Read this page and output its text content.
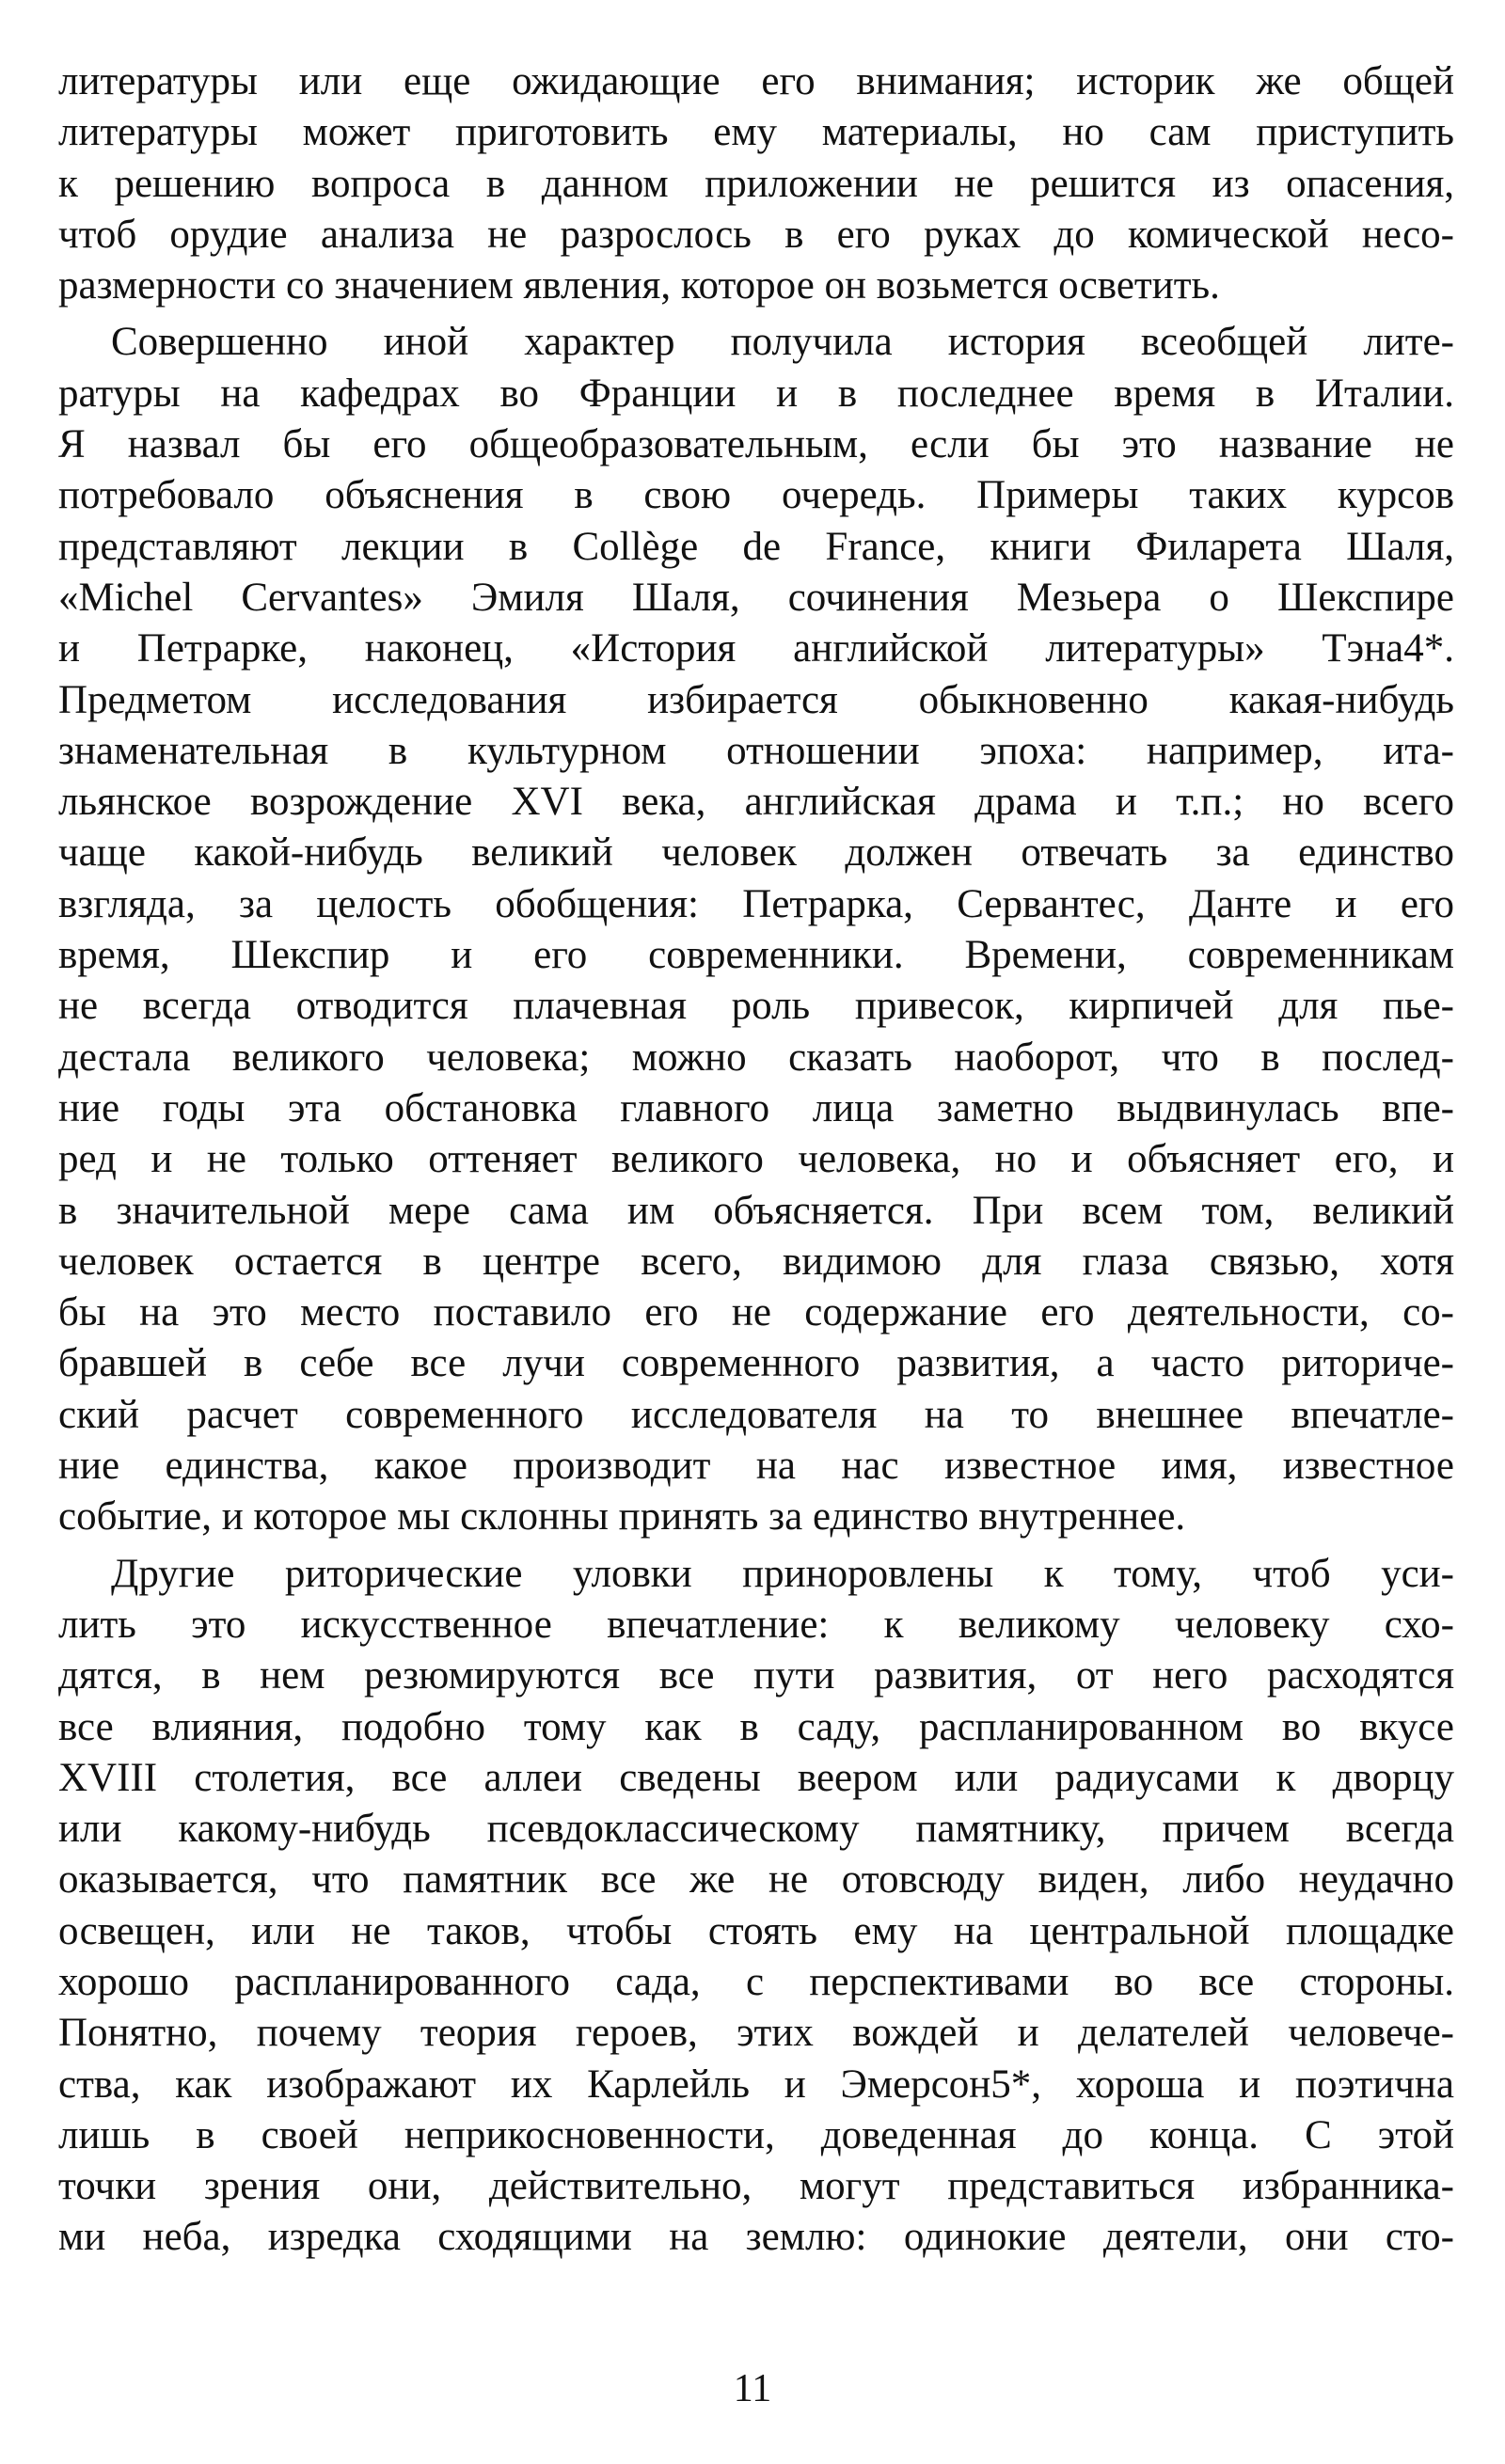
литературы или еще ожидающие его внимания; историк же общей
литературы может приготовить ему материалы, но сам приступить
к решению вопроса в данном приложении не решится из опасения,
чтоб орудие анализа не разрослось в его руках до комической несо-
размерности со значением явления, которое он возьмется осветить.
Совершенно иной характер получила история всеобщей лите-
ратуры на кафедрах во Франции и в последнее время в Италии.
Я назвал бы его общеобразовательным, если бы это название не
потребовало объяснения в свою очередь. Примеры таких курсов
представляют лекции в Collège de France, книги Филарета Шаля,
«Michel Cervantes» Эмиля Шаля, сочинения Мезьера о Шекспире
и Петрарке, наконец, «История английской литературы» Тэна4*.
Предметом исследования избирается обыкновенно какая-нибудь
знаменательная в культурном отношении эпоха: например, ита-
льянское возрождение XVI века, английская драма и т.п.; но всего
чаще какой-нибудь великий человек должен отвечать за единство
взгляда, за целость обобщения: Петрарка, Сервантес, Данте и его
время, Шекспир и его современники. Времени, современникам
не всегда отводится плачевная роль привесок, кирпичей для пье-
дестала великого человека; можно сказать наоборот, что в послед-
ние годы эта обстановка главного лица заметно выдвинулась впе-
ред и не только оттеняет великого человека, но и объясняет его, и
в значительной мере сама им объясняется. При всем том, великий
человек остается в центре всего, видимою для глаза связью, хотя
бы на это место поставило его не содержание его деятельности, со-
бравшей в себе все лучи современного развития, а часто риториче-
ский расчет современного исследователя на то внешнее впечатле-
ние единства, какое производит на нас известное имя, известное
событие, и которое мы склонны принять за единство внутреннее.
Другие риторические уловки приноровлены к тому, чтоб уси-
лить это искусственное впечатление: к великому человеку схо-
дятся, в нем резюмируются все пути развития, от него расходятся
все влияния, подобно тому как в саду, распланированном во вкусе
XVIII столетия, все аллеи сведены веером или радиусами к дворцу
или какому-нибудь псевдоклассическому памятнику, причем всегда
оказывается, что памятник все же не отовсюду виден, либо неудачно
освещен, или не таков, чтобы стоять ему на центральной площадке
хорошо распланированного сада, с перспективами во все стороны.
Понятно, почему теория героев, этих вождей и делателей человече-
ства, как изображают их Карлейль и Эмерсон5*, хороша и поэтична
лишь в своей неприкосновенности, доведенная до конца. С этой
точки зрения они, действительно, могут представиться избранника-
ми неба, изредка сходящими на землю: одинокие деятели, они сто-
11
